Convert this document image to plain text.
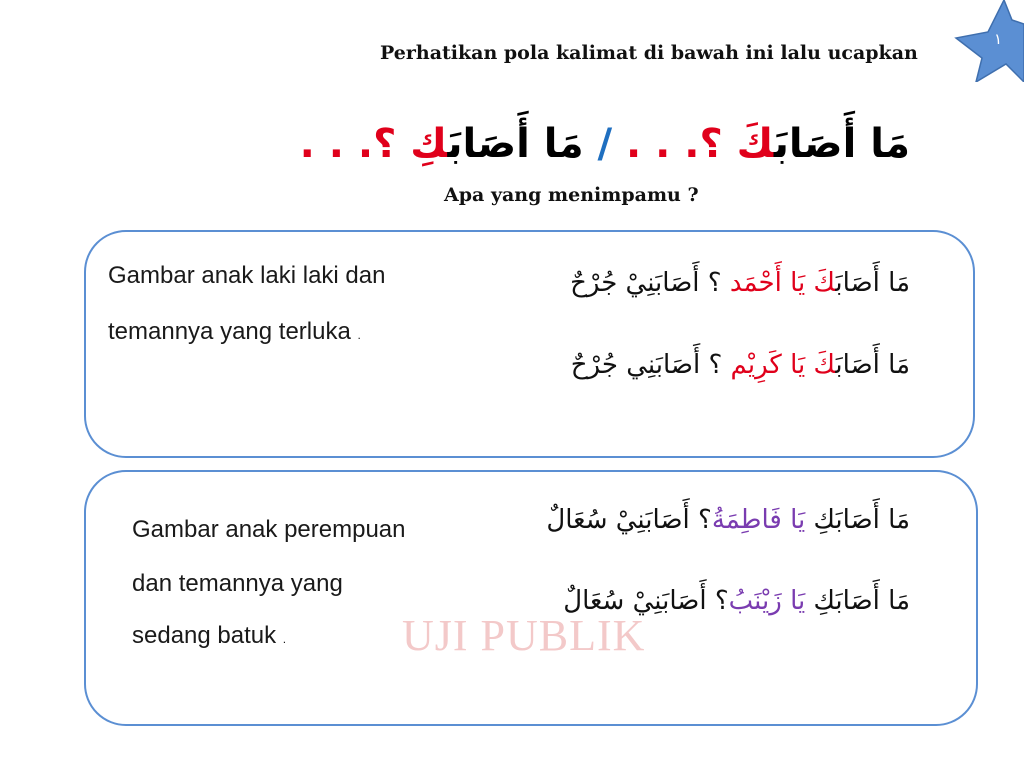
١
Perhatikan pola kalimat di bawah ini lalu ucapkan
مَا أَصَابَكَ ؟. . . / مَا أَصَابَكِ ؟. . .
Apa yang menimpamu ?
Gambar anak laki laki dan
temannya yang terluka .
مَا أَصَابَكَ يَا أَحْمَد ؟ أَصَابَنِيْ جُرْحٌ
مَا أَصَابَكَ يَا كَرِيْم ؟ أَصَابَنِي جُرْحٌ
Gambar anak perempuan
dan temannya yang
sedang batuk .
مَا أَصَابَكِ يَا فَاطِمَةُ؟ أَصَابَنِيْ سُعَالٌ
مَا أَصَابَكِ يَا زَيْنَبُ؟ أَصَابَنِيْ سُعَالٌ
UJI PUBLIK
